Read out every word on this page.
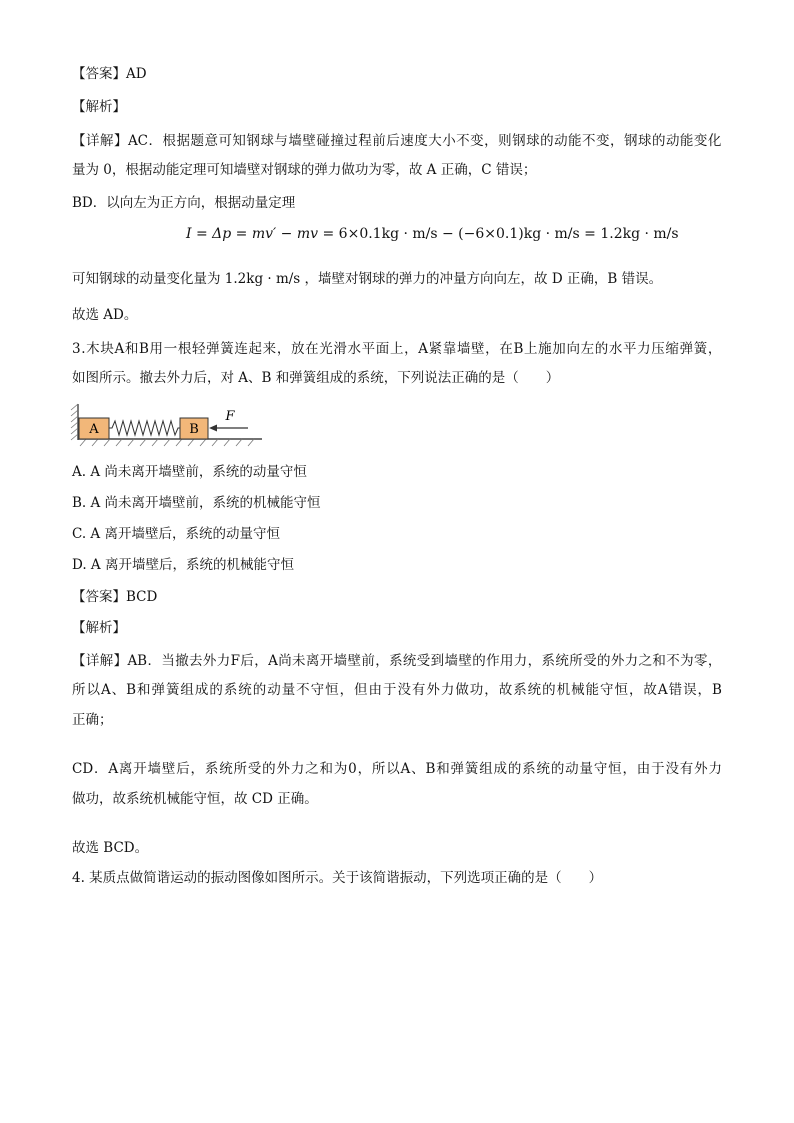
【答案】AD
【解析】
【 详 解 】 AC ． 根 据 题 意 可 知 钢 球 与 墙 壁 碰 撞 过 程 前 后 速 度 大 小 不 变 ， 则 钢 球 的 动 能 不 变 ， 钢 球 的 动 能 变 化
量为 0，根据动能定理可知墙壁对钢球的弹力做功为零，故 A 正确，C 错误；
BD．以向左为正方向，根据动量定理
I = Δp = mv′ − mv = 6×0.1kg · m/s − (−6×0.1)kg · m/s = 1.2kg · m/s
可知钢球的动量变化量为 1.2kg · m/s ，墙壁对钢球的弹力的冲量方向向左，故 D 正确，B 错误。
故选 AD。
3 . 木 块 A 和 B 用 一 根 轻 弹 簧 连 起 来 ， 放 在 光 滑 水 平 面 上 ， A 紧 靠 墙 壁 ， 在 B 上 施 加 向 左 的 水 平 力 压 缩 弹 簧 ，
如图所示。撤去外力后，对 A、B 和弹簧组成的系统，下列说法正确的是（　　）
A	B
F
A. A 尚未离开墙壁前，系统的动量守恒
B. A 尚未离开墙壁前，系统的机械能守恒
C. A 离开墙壁后，系统的动量守恒
D. A 离开墙壁后，系统的机械能守恒
【答案】BCD
【解析】
【 详 解 】 AB ． 当 撤 去 外 力 F 后 ， A 尚 未 离 开 墙 壁 前 ， 系 统 受 到 墙 壁 的 作 用 力 ， 系 统 所 受 的 外 力 之 和 不 为 零 ，
所 以 A 、 B 和 弹 簧 组 成 的 系 统 的 动 量 不 守 恒 ， 但 由 于 没 有 外 力 做 功 ， 故 系 统 的 机 械 能 守 恒 ， 故 A 错 误 ， B
正确；
CD ． A 离 开 墙 壁 后 ， 系 统 所 受 的 外 力 之 和 为 0 ， 所 以 A 、 B 和 弹 簧 组 成 的 系 统 的 动 量 守 恒 ， 由 于 没 有 外 力
做功，故系统机械能守恒，故 CD 正确。
故选 BCD。
4. 某质点做简谐运动的振动图像如图所示。关于该简谐振动，下列选项正确的是（　　）
